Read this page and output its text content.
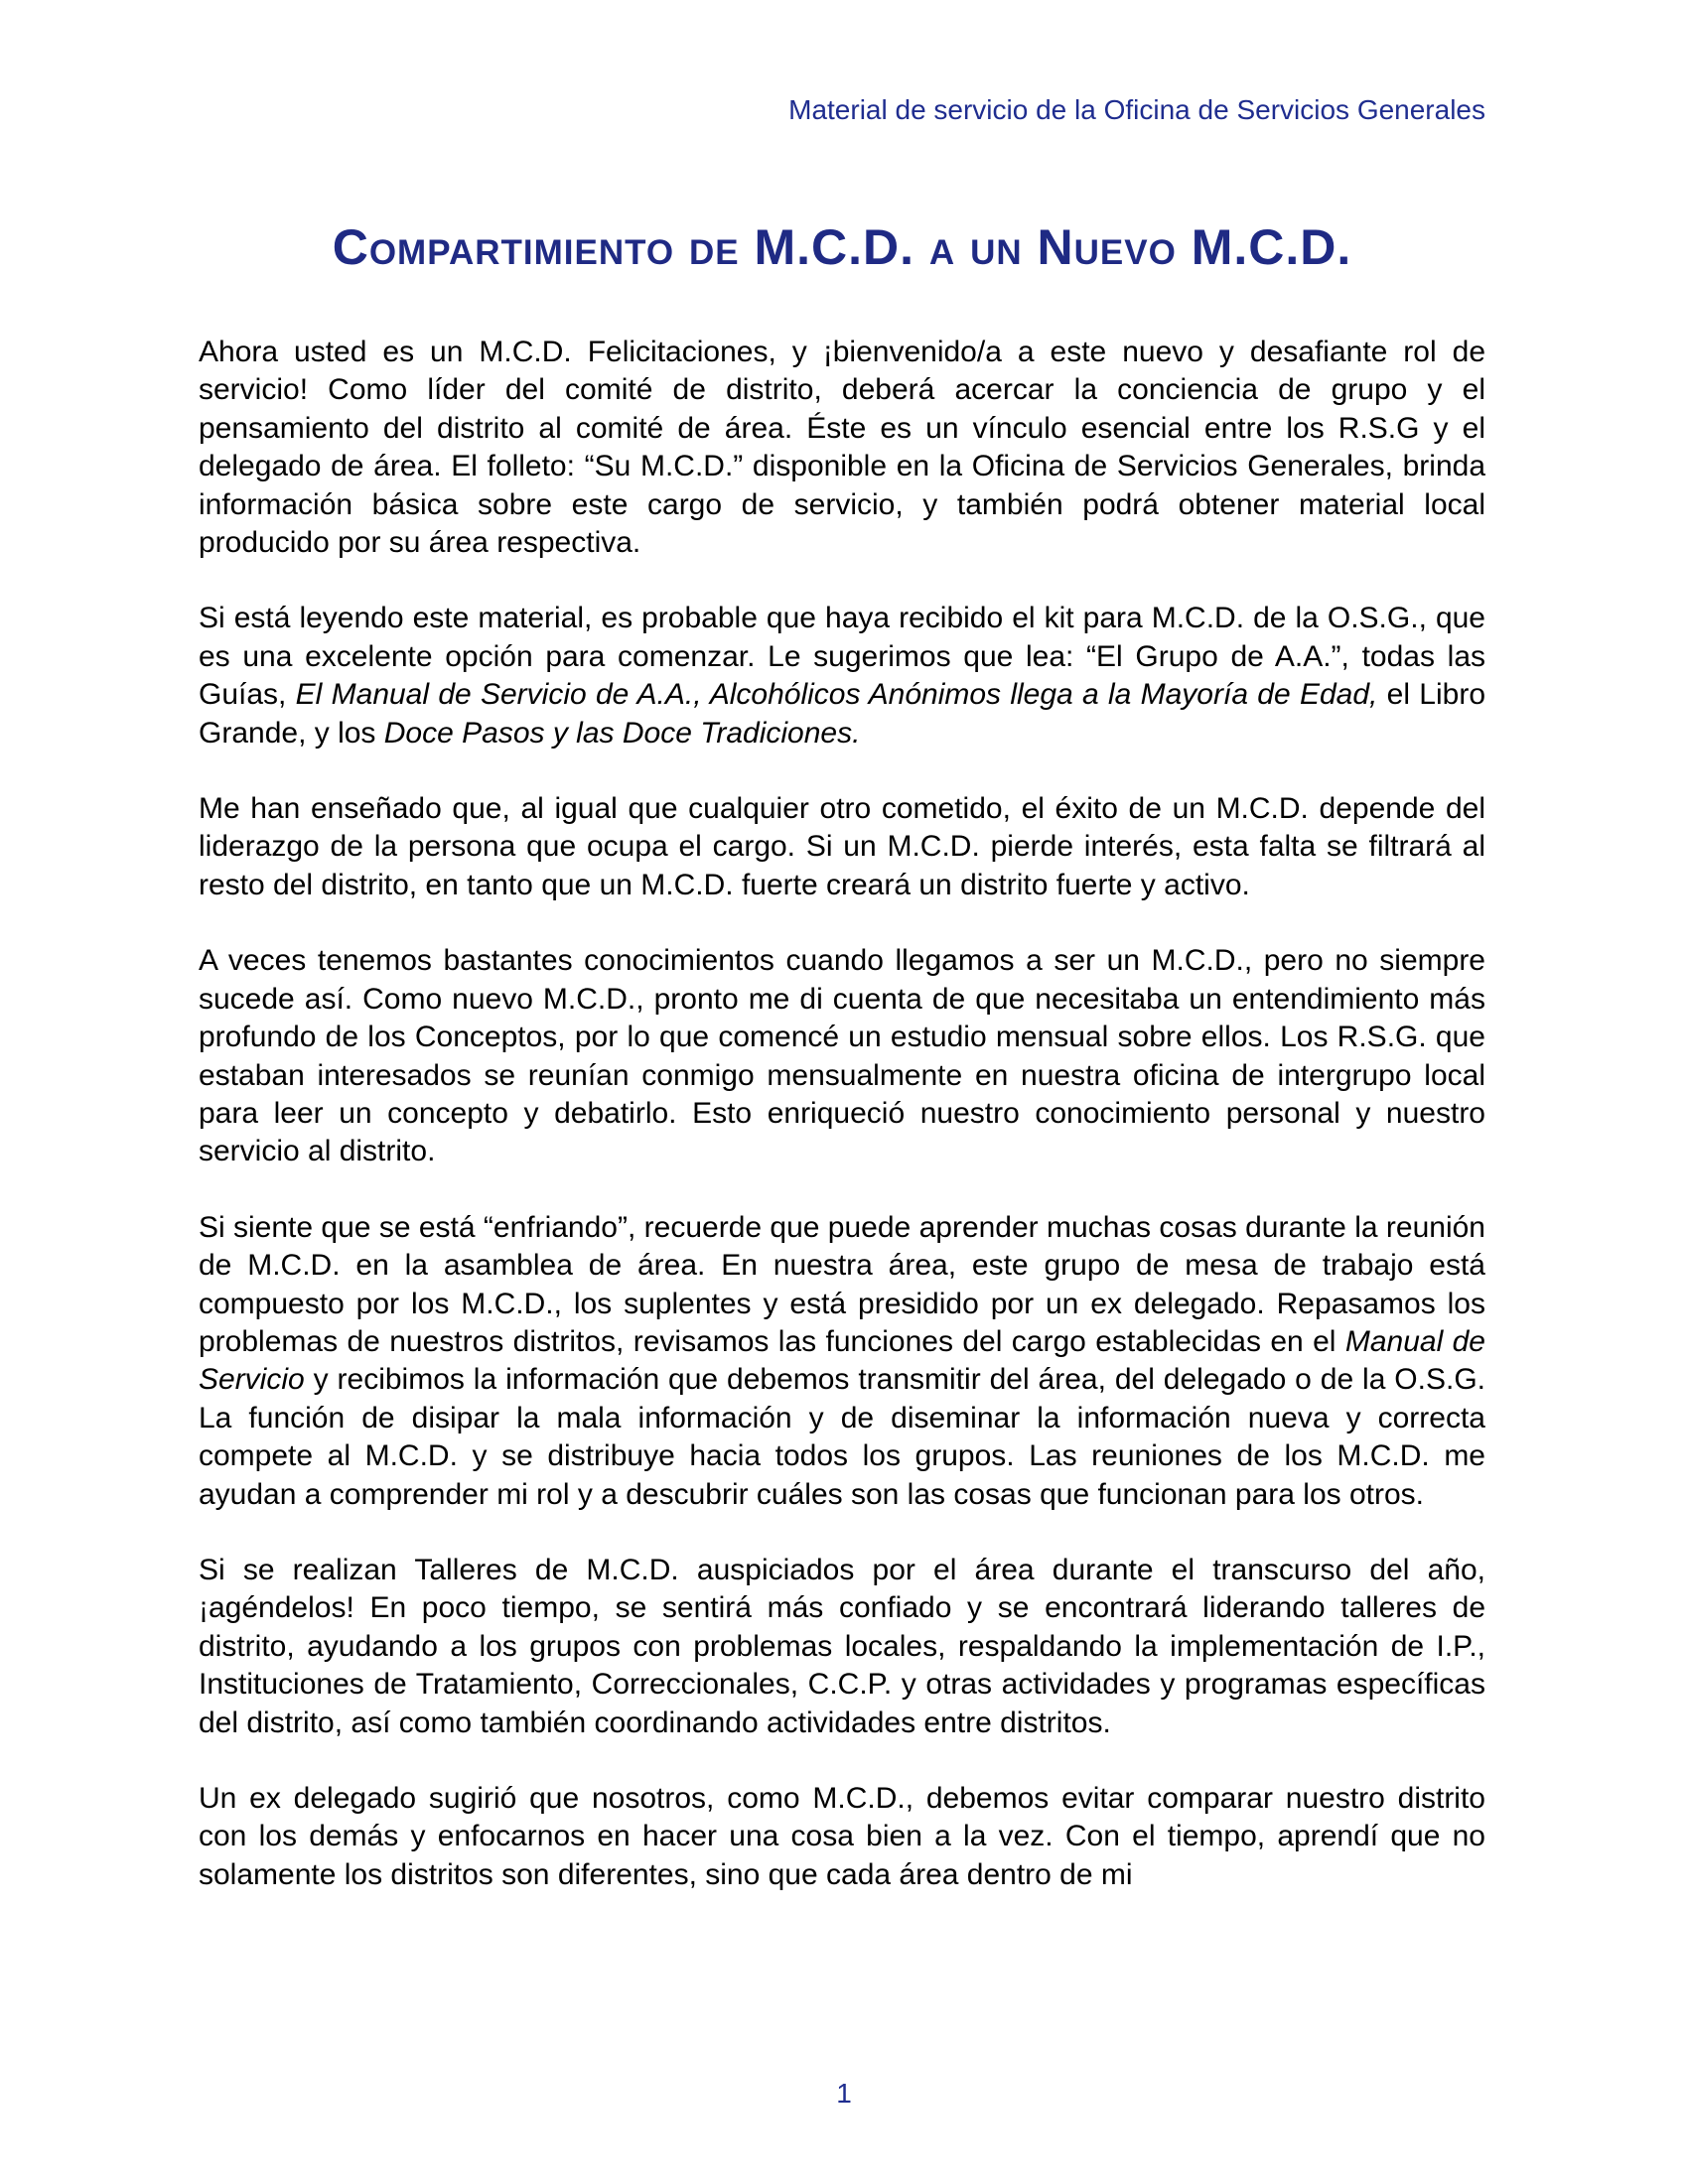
Material de servicio de la Oficina de Servicios Generales
Compartimiento de M.C.D. a un Nuevo M.C.D.

Ahora usted es un M.C.D. Felicitaciones, y ¡bienvenido/a a este nuevo y desafiante rol de servicio! Como líder del comité de distrito, deberá acercar la conciencia de grupo y el pensamiento del distrito al comité de área. Éste es un vínculo esencial entre los R.S.G y el delegado de área. El folleto: “Su M.C.D.” disponible en la Oficina de Servicios Generales, brinda información básica sobre este cargo de servicio, y también podrá obtener material local producido por su área respectiva.

Si está leyendo este material, es probable que haya recibido el kit para M.C.D. de la O.S.G., que es una excelente opción para comenzar. Le sugerimos que lea: “El Grupo de A.A.”, todas las Guías, El Manual de Servicio de A.A., Alcohólicos Anónimos llega a la Mayoría de Edad, el Libro Grande, y los Doce Pasos y las Doce Tradiciones.

Me han enseñado que, al igual que cualquier otro cometido, el éxito de un M.C.D. depende del liderazgo de la persona que ocupa el cargo. Si un M.C.D. pierde interés, esta falta se filtrará al resto del distrito, en tanto que un M.C.D. fuerte creará un distrito fuerte y activo.

A veces tenemos bastantes conocimientos cuando llegamos a ser un M.C.D., pero no siempre sucede así. Como nuevo M.C.D., pronto me di cuenta de que necesitaba un entendimiento más profundo de los Conceptos, por lo que comencé un estudio mensual sobre ellos. Los R.S.G. que estaban interesados se reunían conmigo mensualmente en nuestra oficina de intergrupo local para leer un concepto y debatirlo. Esto enriqueció nuestro conocimiento personal y nuestro servicio al distrito.

Si siente que se está “enfriando”, recuerde que puede aprender muchas cosas durante la reunión de M.C.D. en la asamblea de área. En nuestra área, este grupo de mesa de trabajo está compuesto por los M.C.D., los suplentes y está presidido por un ex delegado. Repasamos los problemas de nuestros distritos, revisamos las funciones del cargo establecidas en el Manual de Servicio y recibimos la información que debemos transmitir del área, del delegado o de la O.S.G. La función de disipar la mala información y de diseminar la información nueva y correcta compete al M.C.D. y se distribuye hacia todos los grupos. Las reuniones de los M.C.D. me ayudan a comprender mi rol y a descubrir cuáles son las cosas que funcionan para los otros.

Si se realizan Talleres de M.C.D. auspiciados por el área durante el transcurso del año, ¡agéndelos! En poco tiempo, se sentirá más confiado y se encontrará liderando talleres de distrito, ayudando a los grupos con problemas locales, respaldando la implementación de I.P., Instituciones de Tratamiento, Correccionales, C.C.P. y otras actividades y programas específicas del distrito, así como también coordinando actividades entre distritos.

Un ex delegado sugirió que nosotros, como M.C.D., debemos evitar comparar nuestro distrito con los demás y enfocarnos en hacer una cosa bien a la vez. Con el tiempo, aprendí que no solamente los distritos son diferentes, sino que cada área dentro de mi

1
